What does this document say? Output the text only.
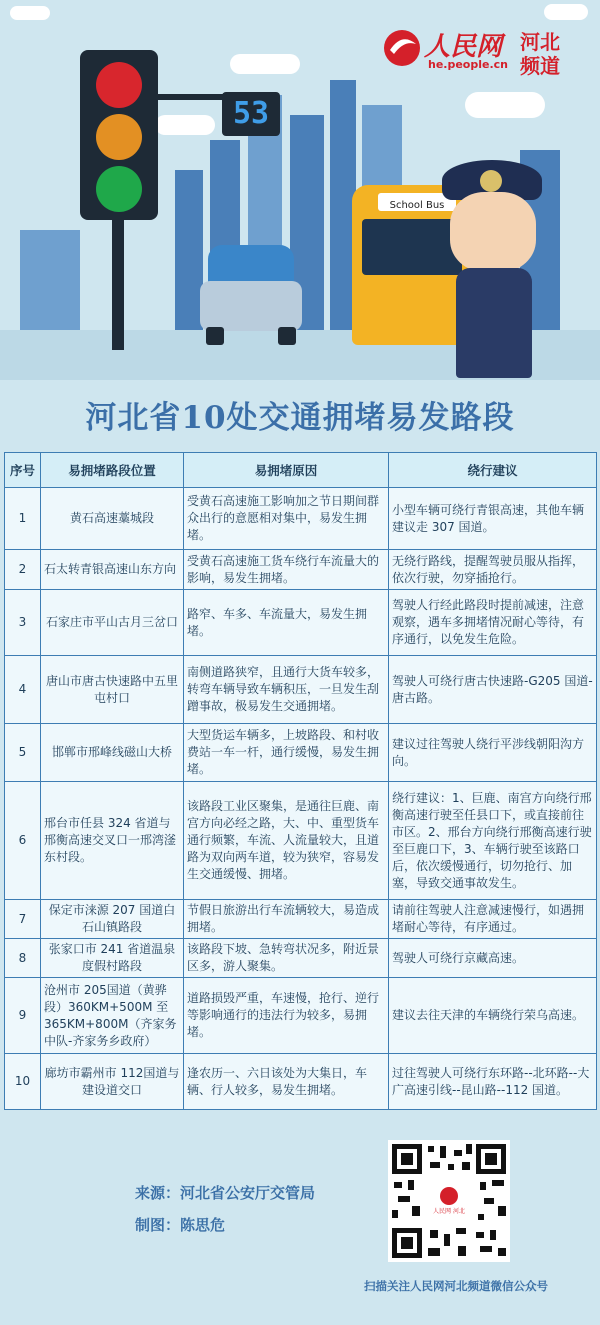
人民网
he.people.cn
河北
频道
53
School Bus
河北省10处交通拥堵易发路段
序号	易拥堵路段位置	易拥堵原因	绕行建议
1	黄石高速藁城段	受黄石高速施工影响加之节日期间群众出行的意愿相对集中，易发生拥堵。	小型车辆可绕行青银高速，其他车辆建议走 307 国道。
2	石太转青银高速山东方向	受黄石高速施工货车绕行车流量大的影响，易发生拥堵。	无绕行路线，提醒驾驶员服从指挥，依次行驶，勿穿插抢行。
3	石家庄市平山古月三岔口	路窄、车多、车流量大，易发生拥堵。	驾驶人行经此路段时提前减速，注意观察，遇车多拥堵情况耐心等待，有序通行，以免发生危险。
4	唐山市唐古快速路中五里屯村口	南侧道路狭窄，且通行大货车较多，转弯车辆导致车辆积压，一旦发生刮蹭事故，极易发生交通拥堵。	驾驶人可绕行唐古快速路-G205 国道-唐古路。
5	邯郸市邢峰线磁山大桥	大型货运车辆多，上坡路段、和村收费站一车一杆，通行缓慢，易发生拥堵。	建议过往驾驶人绕行平涉线朝阳沟方向。
6	邢台市任县 324 省道与邢衡高速交叉口一邢湾滏东村段。	该路段工业区聚集，是通往巨鹿、南宫方向必经之路，大、中、重型货车通行频繁，车流、人流量较大，且道路为双向两车道，较为狭窄，容易发生交通缓慢、拥堵。	绕行建议：1、巨鹿、南宫方向绕行邢衡高速行驶至任县口下，或直接前往市区。2、邢台方向绕行邢衡高速行驶至巨鹿口下，3、车辆行驶至该路口后，依次缓慢通行，切勿抢行、加塞，导致交通事故发生。
7	保定市涞源 207 国道白石山镇路段	节假日旅游出行车流辆较大，易造成拥堵。	请前往驾驶人注意减速慢行，如遇拥堵耐心等待，有序通过。
8	张家口市 241 省道温泉度假村路段	该路段下坡、急转弯状况多，附近景区多，游人聚集。	驾驶人可绕行京藏高速。
9	沧州市 205国道（黄骅段）360KM+500M 至 365KM+800M（齐家务中队-齐家务乡政府）	道路损毁严重，车速慢，抢行、逆行等影响通行的违法行为较多，易拥堵。	建议去往天津的车辆绕行荣乌高速。
10	廊坊市霸州市 112国道与建设道交口	逢农历一、六日该处为大集日，车辆、行人较多，易发生拥堵。	过往驾驶人可绕行东环路--北环路--大广高速引线--昆山路--112 国道。
来源：河北省公安厅交管局
制图：陈思危
人民网 河北
扫描关注人民网河北频道微信公众号
